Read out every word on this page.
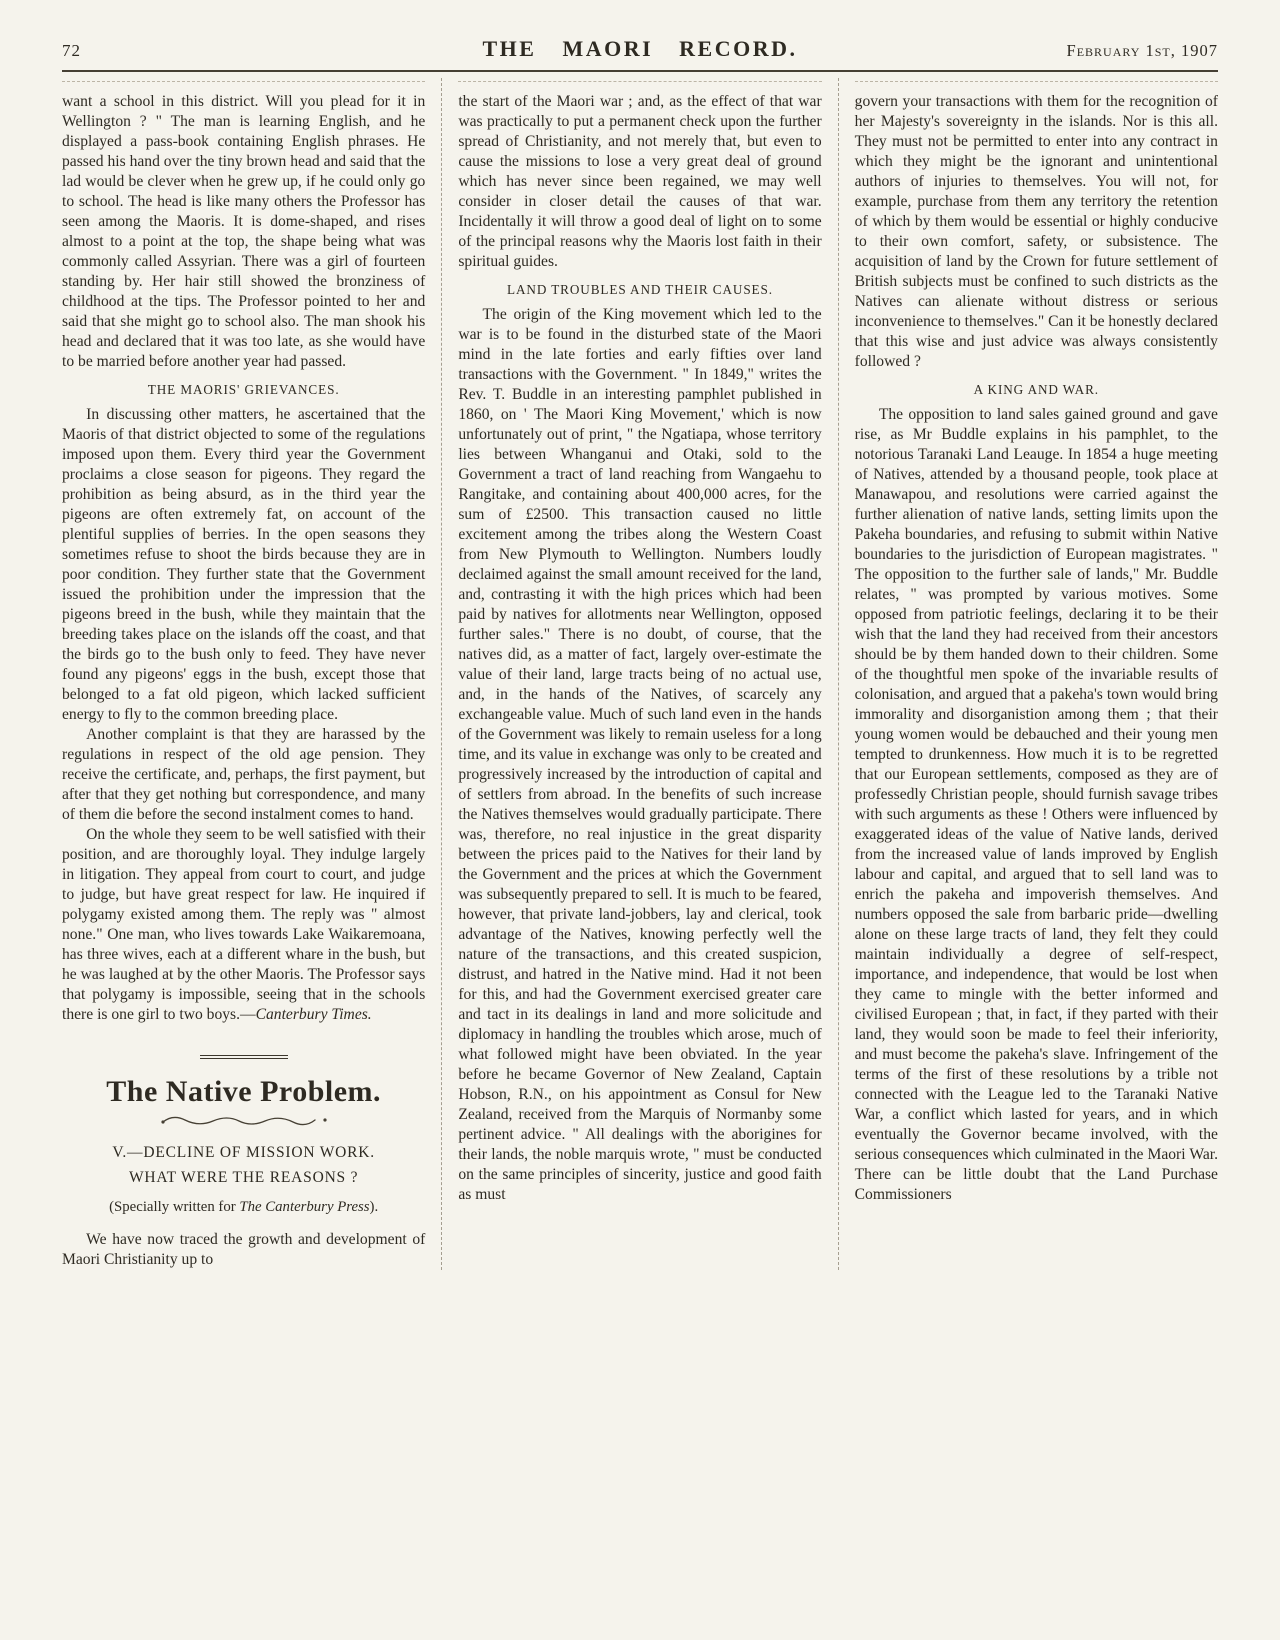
72	THE MAORI RECORD.	February 1st, 1907

want a school in this district. Will you plead for it in Wellington ? " The man is learning English, and he displayed a pass-book containing English phrases. He passed his hand over the tiny brown head and said that the lad would be clever when he grew up, if he could only go to school. The head is like many others the Professor has seen among the Maoris. It is dome-shaped, and rises almost to a point at the top, the shape being what was commonly called Assyrian. There was a girl of fourteen standing by. Her hair still showed the bronziness of childhood at the tips. The Professor pointed to her and said that she might go to school also. The man shook his head and declared that it was too late, as she would have to be married before another year had passed.

THE MAORIS' GRIEVANCES.

In discussing other matters, he ascertained that the Maoris of that district objected to some of the regulations imposed upon them. Every third year the Government proclaims a close season for pigeons. They regard the prohibition as being absurd, as in the third year the pigeons are often extremely fat, on account of the plentiful supplies of berries. In the open seasons they sometimes refuse to shoot the birds because they are in poor condition. They further state that the Government issued the prohibition under the impression that the pigeons breed in the bush, while they maintain that the breeding takes place on the islands off the coast, and that the birds go to the bush only to feed. They have never found any pigeons' eggs in the bush, except those that belonged to a fat old pigeon, which lacked sufficient energy to fly to the common breeding place.

Another complaint is that they are harassed by the regulations in respect of the old age pension. They receive the certificate, and, perhaps, the first payment, but after that they get nothing but correspondence, and many of them die before the second instalment comes to hand.

On the whole they seem to be well satisfied with their position, and are thoroughly loyal. They indulge largely in litigation. They appeal from court to court, and judge to judge, but have great respect for law. He inquired if polygamy existed among them. The reply was " almost none." One man, who lives towards Lake Waikaremoana, has three wives, each at a different whare in the bush, but he was laughed at by the other Maoris. The Professor says that polygamy is impossible, seeing that in the schools there is one girl to two boys.—Canterbury Times.

The Native Problem.
V.—DECLINE OF MISSION WORK.
WHAT WERE THE REASONS ?

(Specially written for The Canterbury Press).

We have now traced the growth and development of Maori Christianity up to

the start of the Maori war ; and, as the effect of that war was practically to put a permanent check upon the further spread of Christianity, and not merely that, but even to cause the missions to lose a very great deal of ground which has never since been regained, we may well consider in closer detail the causes of that war. Incidentally it will throw a good deal of light on to some of the principal reasons why the Maoris lost faith in their spiritual guides.

LAND TROUBLES AND THEIR CAUSES.

The origin of the King movement which led to the war is to be found in the disturbed state of the Maori mind in the late forties and early fifties over land transactions with the Government. " In 1849," writes the Rev. T. Buddle in an interesting pamphlet published in 1860, on ' The Maori King Movement,' which is now unfortunately out of print, " the Ngatiapa, whose territory lies between Whanganui and Otaki, sold to the Government a tract of land reaching from Wangaehu to Rangitake, and containing about 400,000 acres, for the sum of £2500. This transaction caused no little excitement among the tribes along the Western Coast from New Plymouth to Wellington. Numbers loudly declaimed against the small amount received for the land, and, contrasting it with the high prices which had been paid by natives for allotments near Wellington, opposed further sales." There is no doubt, of course, that the natives did, as a matter of fact, largely over-estimate the value of their land, large tracts being of no actual use, and, in the hands of the Natives, of scarcely any exchangeable value. Much of such land even in the hands of the Government was likely to remain useless for a long time, and its value in exchange was only to be created and progressively increased by the introduction of capital and of settlers from abroad. In the benefits of such increase the Natives themselves would gradually participate. There was, therefore, no real injustice in the great disparity between the prices paid to the Natives for their land by the Government and the prices at which the Government was subsequently prepared to sell. It is much to be feared, however, that private land-jobbers, lay and clerical, took advantage of the Natives, knowing perfectly well the nature of the transactions, and this created suspicion, distrust, and hatred in the Native mind. Had it not been for this, and had the Government exercised greater care and tact in its dealings in land and more solicitude and diplomacy in handling the troubles which arose, much of what followed might have been obviated. In the year before he became Governor of New Zealand, Captain Hobson, R.N., on his appointment as Consul for New Zealand, received from the Marquis of Normanby some pertinent advice. " All dealings with the aborigines for their lands, the noble marquis wrote, " must be conducted on the same principles of sincerity, justice and good faith as must

govern your transactions with them for the recognition of her Majesty's sovereignty in the islands. Nor is this all. They must not be permitted to enter into any contract in which they might be the ignorant and unintentional authors of injuries to themselves. You will not, for example, purchase from them any territory the retention of which by them would be essential or highly conducive to their own comfort, safety, or subsistence. The acquisition of land by the Crown for future settlement of British subjects must be confined to such districts as the Natives can alienate without distress or serious inconvenience to themselves." Can it be honestly declared that this wise and just advice was always consistently followed ?

A KING AND WAR.

The opposition to land sales gained ground and gave rise, as Mr Buddle explains in his pamphlet, to the notorious Taranaki Land Leauge. In 1854 a huge meeting of Natives, attended by a thousand people, took place at Manawapou, and resolutions were carried against the further alienation of native lands, setting limits upon the Pakeha boundaries, and refusing to submit within Native boundaries to the jurisdiction of European magistrates. " The opposition to the further sale of lands," Mr. Buddle relates, " was prompted by various motives. Some opposed from patriotic feelings, declaring it to be their wish that the land they had received from their ancestors should be by them handed down to their children. Some of the thoughtful men spoke of the invariable results of colonisation, and argued that a pakeha's town would bring immorality and disorganistion among them ; that their young women would be debauched and their young men tempted to drunkenness. How much it is to be regretted that our European settlements, composed as they are of professedly Christian people, should furnish savage tribes with such arguments as these ! Others were influenced by exaggerated ideas of the value of Native lands, derived from the increased value of lands improved by English labour and capital, and argued that to sell land was to enrich the pakeha and impoverish themselves. And numbers opposed the sale from barbaric pride—dwelling alone on these large tracts of land, they felt they could maintain individually a degree of self-respect, importance, and independence, that would be lost when they came to mingle with the better informed and civilised European ; that, in fact, if they parted with their land, they would soon be made to feel their inferiority, and must become the pakeha's slave. Infringement of the terms of the first of these resolutions by a trible not connected with the League led to the Taranaki Native War, a conflict which lasted for years, and in which eventually the Governor became involved, with the serious consequences which culminated in the Maori War. There can be little doubt that the Land Purchase Commissioners
